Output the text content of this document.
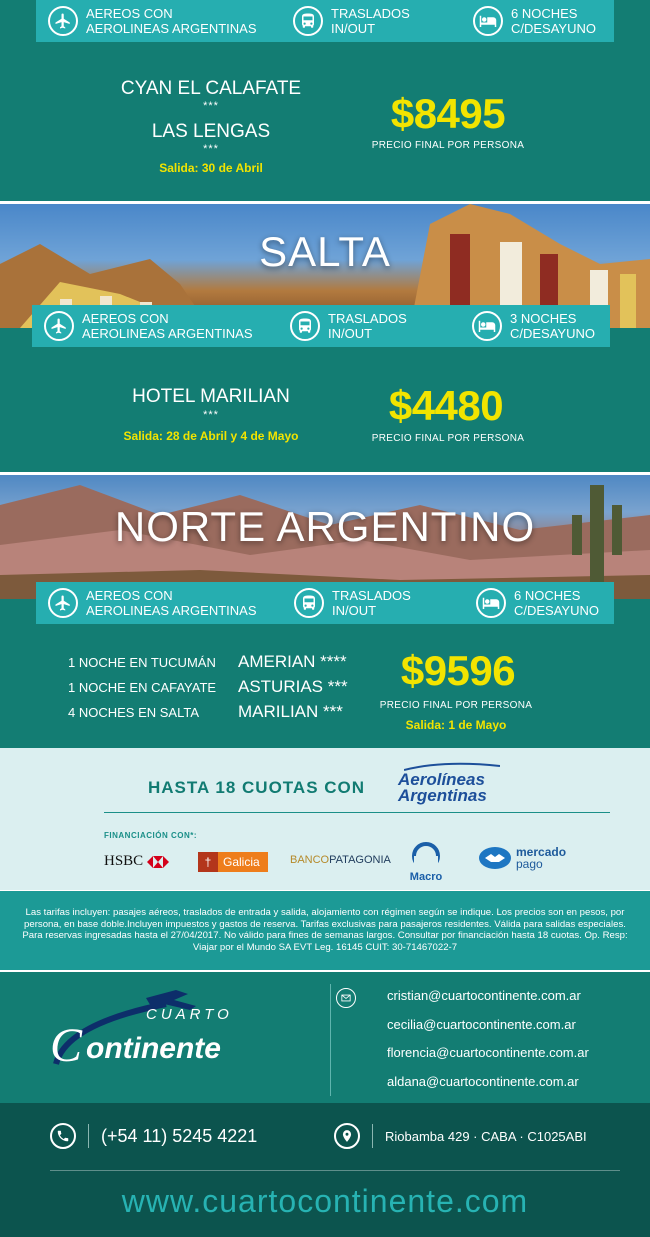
AEREOS CON
AEROLINEAS ARGENTINAS
TRASLADOS
IN/OUT
6 NOCHES
C/DESAYUNO
CYAN EL CALAFATE
***
LAS LENGAS
***
Salida: 30 de Abril
$8495
PRECIO FINAL POR PERSONA
SALTA
AEREOS CON
AEROLINEAS ARGENTINAS
TRASLADOS
IN/OUT
3 NOCHES
C/DESAYUNO
HOTEL MARILIAN
***
Salida: 28 de Abril y 4 de Mayo
$4480
PRECIO FINAL POR PERSONA
NORTE ARGENTINO
AEREOS CON
AEROLINEAS ARGENTINAS
TRASLADOS
IN/OUT
6 NOCHES
C/DESAYUNO
1 NOCHE EN TUCUMÁN	AMERIAN ****
1 NOCHE EN CAFAYATE	ASTURIAS ***
4 NOCHES EN SALTA	MARILIAN ***
$9596
PRECIO FINAL POR PERSONA
Salida: 1 de Mayo
HASTA 18 CUOTAS CON Aerolíneas
Argentinas
FINANCIACIÓN CON*:
HSBC	† Galicia	BANCOPATAGONIA
Macro
mercado
pago
Las tarifas incluyen: pasajes aéreos, traslados de entrada y salida, alojamiento con régimen según se indique. Los precios son en pesos, por persona, en base doble.Incluyen impuestos y gastos de reserva. Tarifas exclusivas para pasajeros residentes. Válida para salidas especiales. Para reservas ingresadas hasta el 27/04/2017. No válido para fines de semanas largos. Consultar por financiación hasta 18 cuotas. Op. Resp: Viajar por el Mundo SA EVT Leg. 16145 CUIT: 30-71467022-7
CUARTO
C ontinente
cristian@cuartocontinente.com.ar
cecilia@cuartocontinente.com.ar
florencia@cuartocontinente.com.ar
aldana@cuartocontinente.com.ar
(+54 11) 5245 4221	Riobamba 429 · CABA · C1025ABI
www.cuartocontinente.com
